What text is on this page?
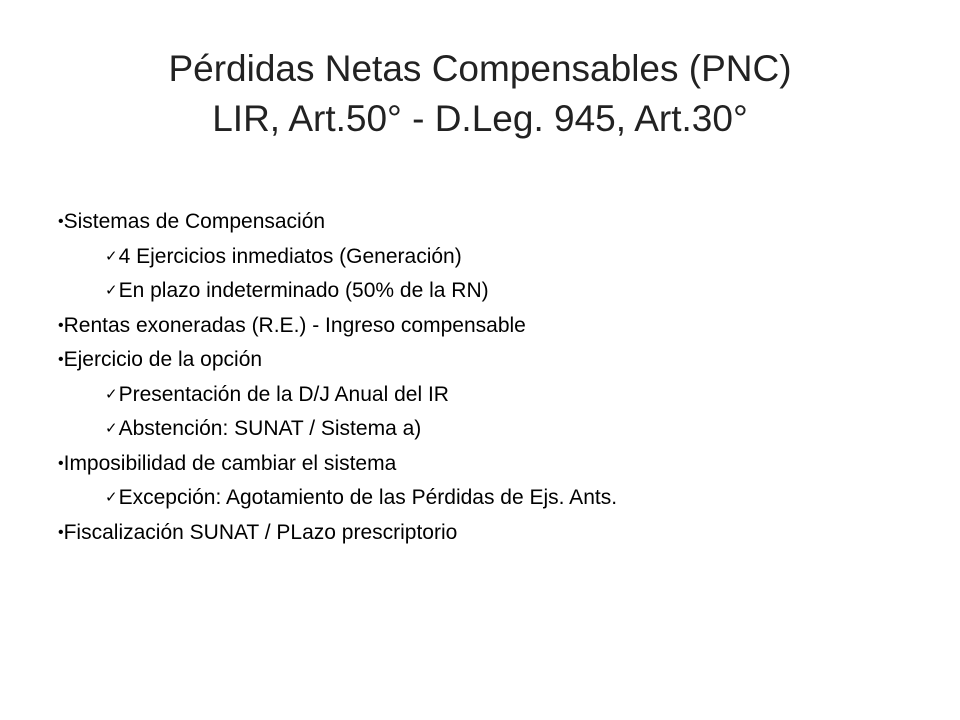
Pérdidas Netas Compensables (PNC)
LIR, Art.50° - D.Leg. 945, Art.30°
•Sistemas de Compensación
✓4 Ejercicios inmediatos (Generación)
✓En plazo indeterminado (50% de la RN)
•Rentas exoneradas (R.E.) - Ingreso compensable
•Ejercicio de la opción
✓Presentación de la D/J Anual del IR
✓Abstención: SUNAT / Sistema a)
•Imposibilidad de cambiar el sistema
✓Excepción: Agotamiento de las Pérdidas de Ejs. Ants.
•Fiscalización SUNAT / PLazo prescriptorio
